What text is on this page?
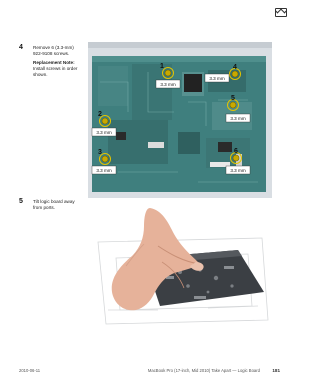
4 Remove 6 (3.3-mm)
922-9108 screws.

Replacement Note:
Install screws in order
shown.

1
3.3 mm
2
3.3 mm
3
3.3 mm
4
3.3 mm
5
3.3 mm
6
3.3 mm
5 Tilt logic board away
from ports.

2010-06-11	MacBook Pro (17-inch, Mid 2010) Take Apart — Logic Board	181
